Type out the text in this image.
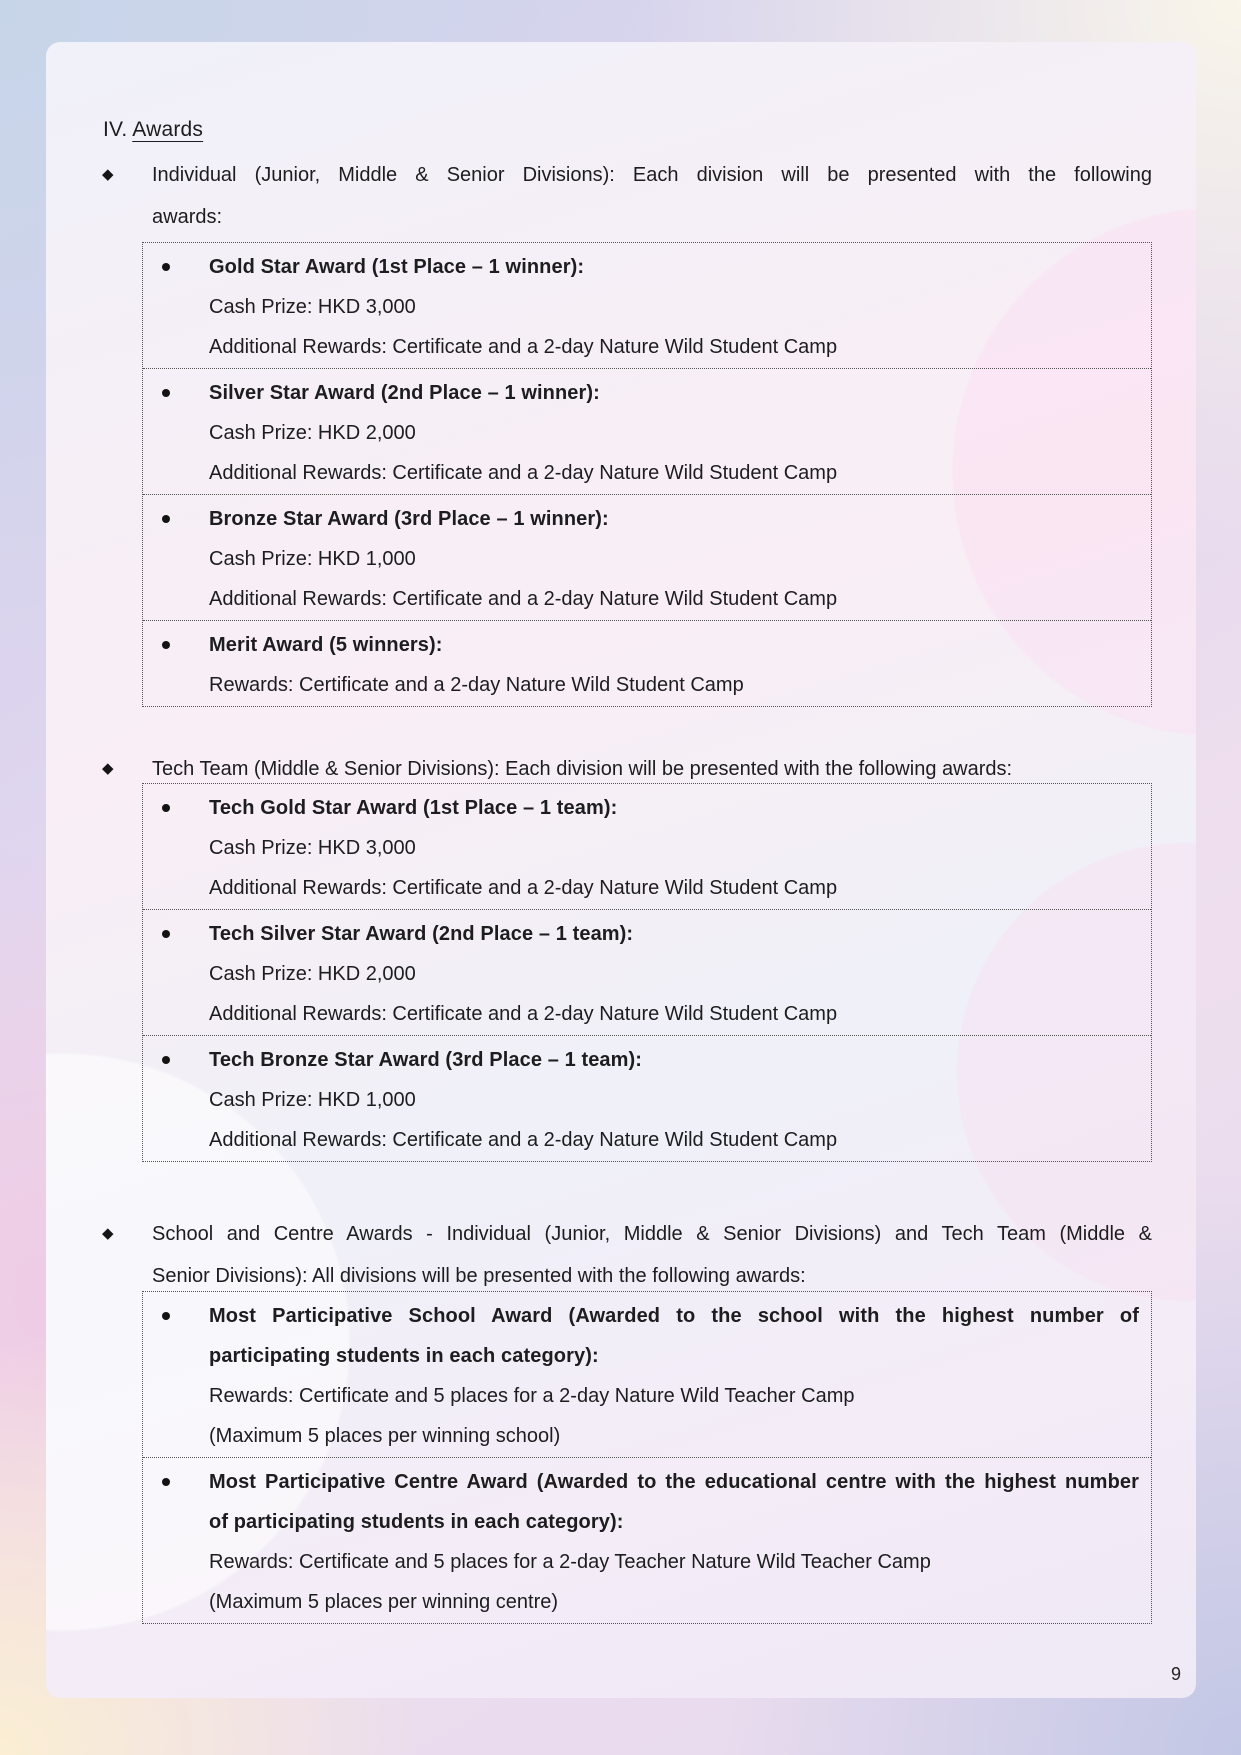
IV. Awards
◆ Individual (Junior, Middle & Senior Divisions): Each division will be presented with the following
awards:
Gold Star Award (1st Place – 1 winner):
Cash Prize: HKD 3,000
Additional Rewards: Certificate and a 2-day Nature Wild Student Camp
Silver Star Award (2nd Place – 1 winner):
Cash Prize: HKD 2,000
Additional Rewards: Certificate and a 2-day Nature Wild Student Camp
Bronze Star Award (3rd Place – 1 winner):
Cash Prize: HKD 1,000
Additional Rewards: Certificate and a 2-day Nature Wild Student Camp
Merit Award (5 winners):
Rewards: Certificate and a 2-day Nature Wild Student Camp
◆ Tech Team (Middle & Senior Divisions): Each division will be presented with the following awards:
Tech Gold Star Award (1st Place – 1 team):
Cash Prize: HKD 3,000
Additional Rewards: Certificate and a 2-day Nature Wild Student Camp
Tech Silver Star Award (2nd Place – 1 team):
Cash Prize: HKD 2,000
Additional Rewards: Certificate and a 2-day Nature Wild Student Camp
Tech Bronze Star Award (3rd Place – 1 team):
Cash Prize: HKD 1,000
Additional Rewards: Certificate and a 2-day Nature Wild Student Camp
◆ School and Centre Awards - Individual (Junior, Middle & Senior Divisions) and Tech Team (Middle &
Senior Divisions): All divisions will be presented with the following awards:
Most Participative School Award (Awarded to the school with the highest number of
participating students in each category):
Rewards: Certificate and 5 places for a 2-day Nature Wild Teacher Camp
(Maximum 5 places per winning school)
Most Participative Centre Award (Awarded to the educational centre with the highest number
of participating students in each category):
Rewards: Certificate and 5 places for a 2-day Teacher Nature Wild Teacher Camp
(Maximum 5 places per winning centre)
9
